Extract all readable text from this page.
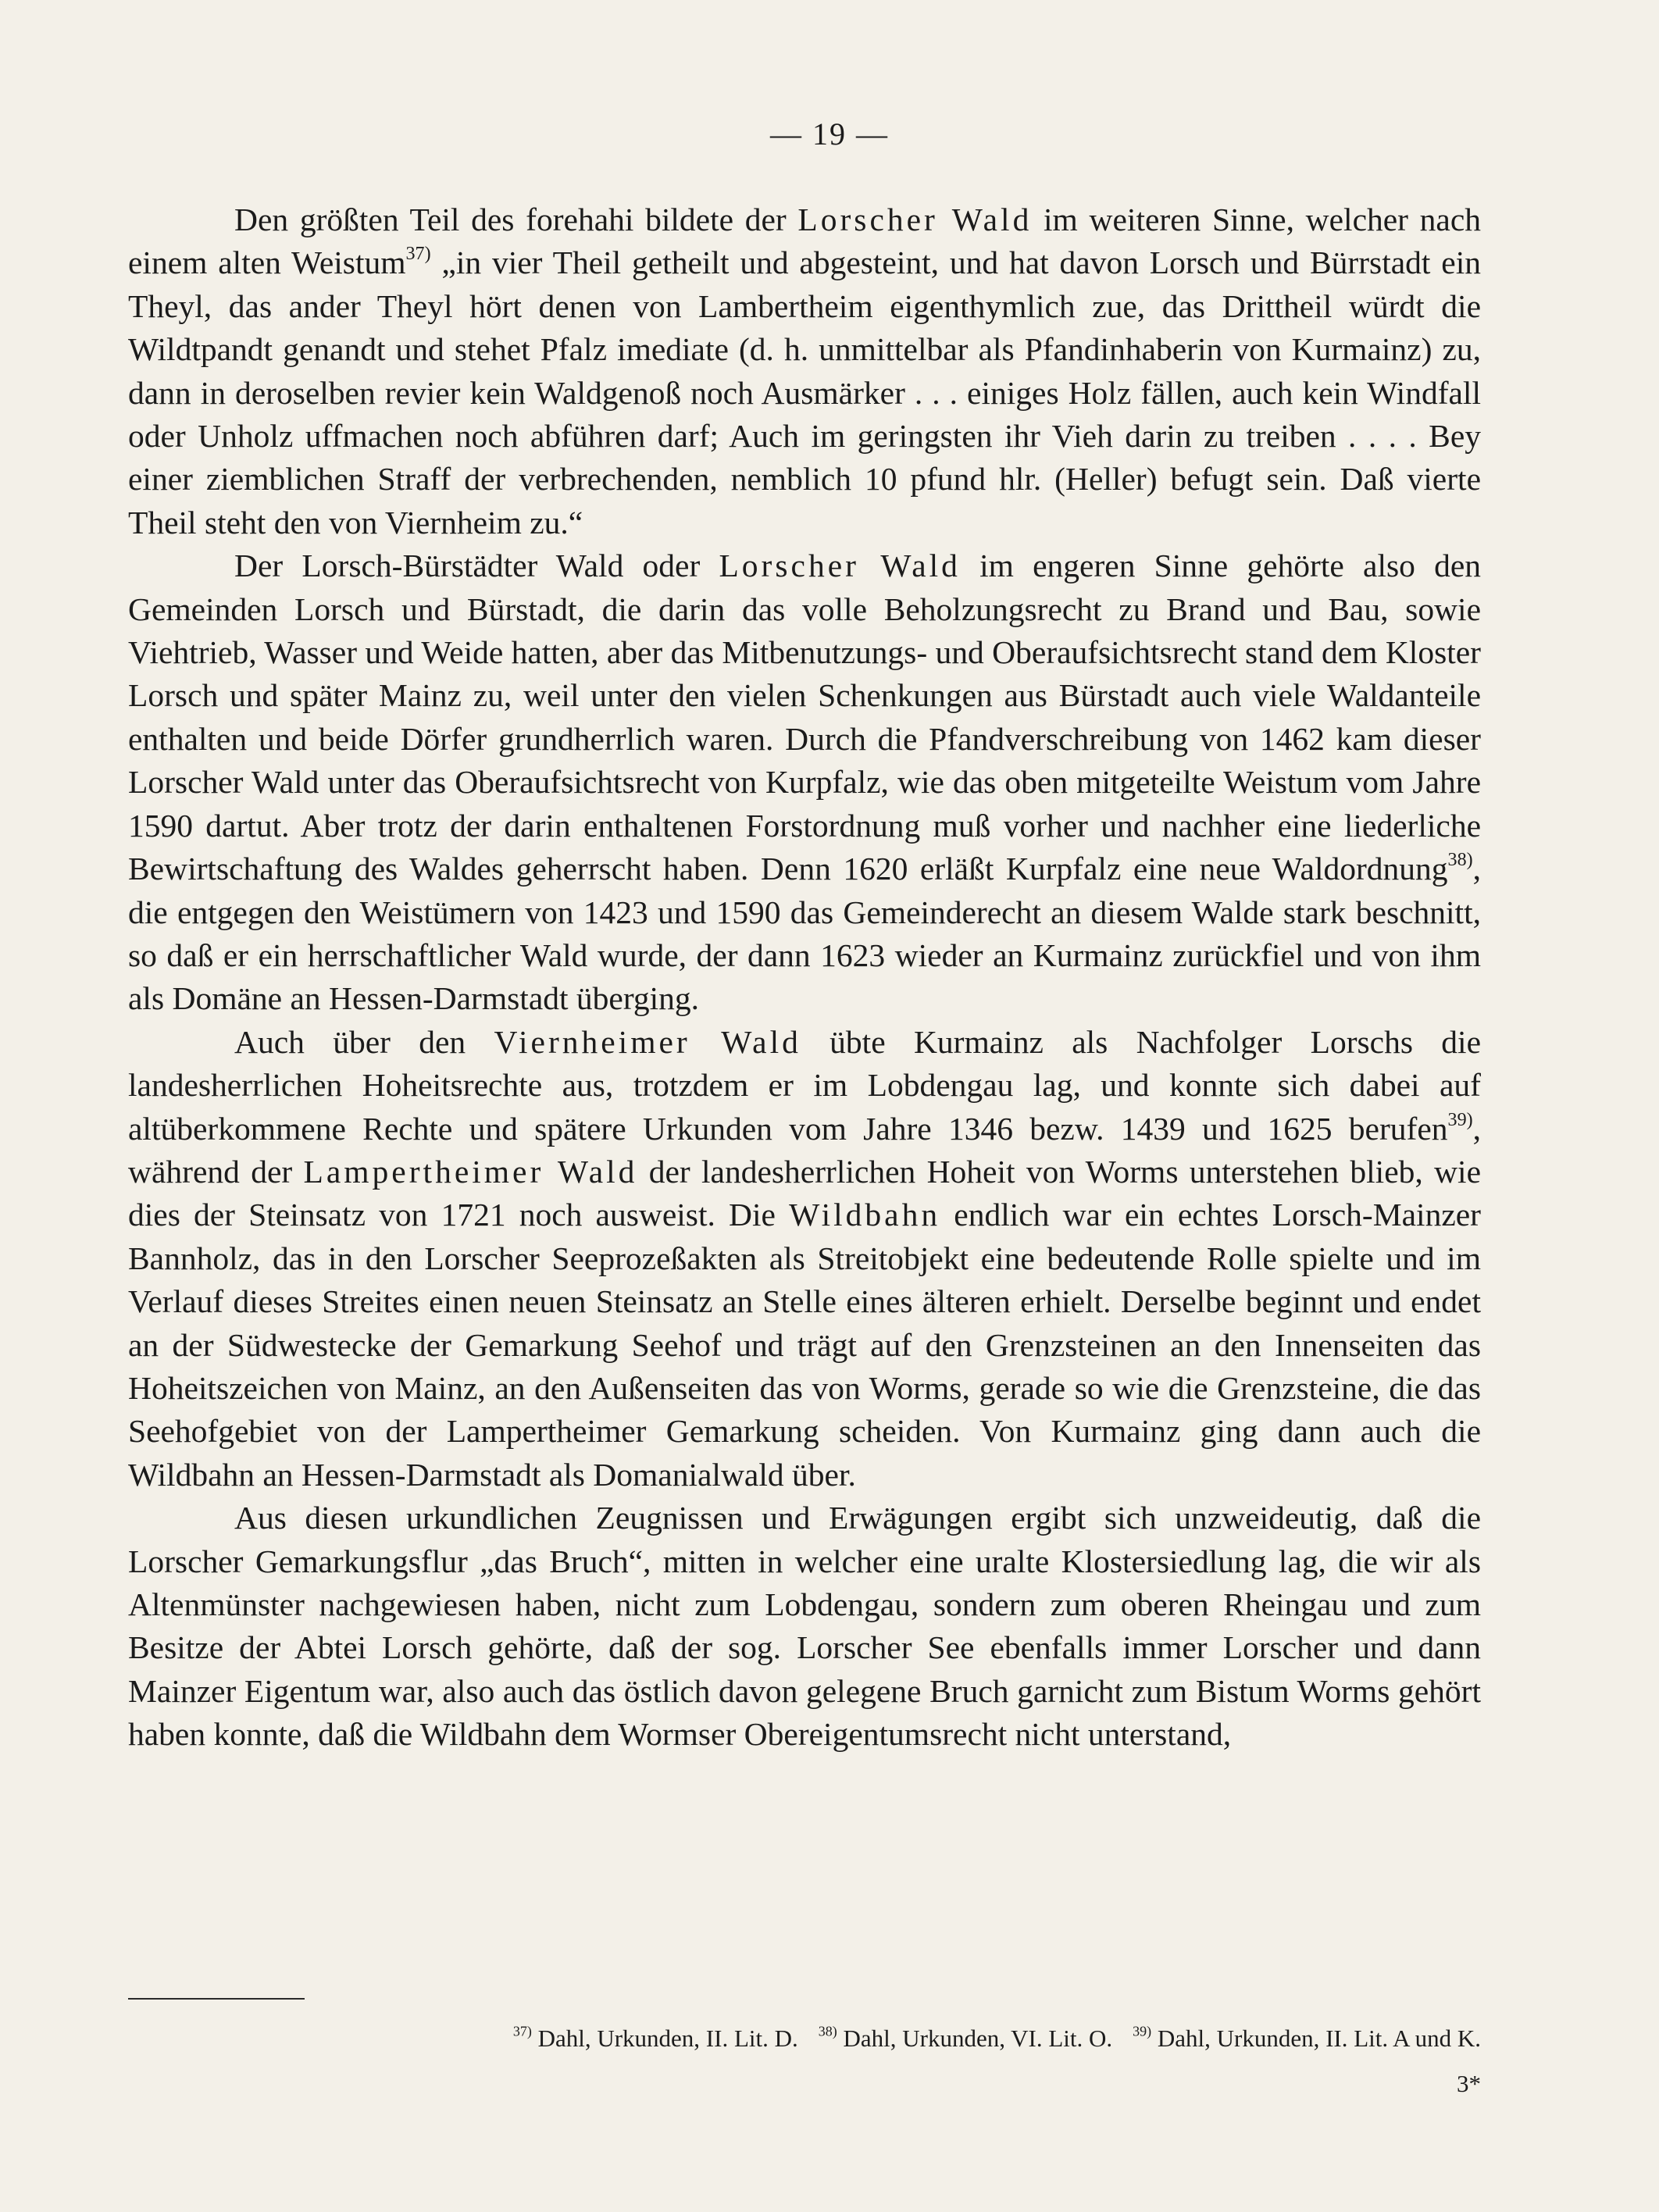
— 19 —

Den größten Teil des forehahi bildete der Lorscher Wald im weiteren Sinne, welcher nach einem alten Weistum$^{37)}$ „in vier Theil getheilt und abgesteint, und hat davon Lorsch und Bürrstadt ein Theyl, das ander Theyl hört denen von Lambertheim eigenthymlich zue, das Drittheil würdt die Wildtpandt genandt und stehet Pfalz imediate (d. h. unmittelbar als Pfandinhaberin von Kurmainz) zu, dann in deroselben revier kein Waldgenoß noch Ausmärker . . . einiges Holz fällen, auch kein Windfall oder Unholz uffmachen noch abführen darf; Auch im geringsten ihr Vieh darin zu treiben . . . . Bey einer ziemblichen Straff der verbrechenden, nemblich 10 pfund hlr. (Heller) befugt sein. Daß vierte Theil steht den von Viernheim zu.“

Der Lorsch-Bürstädter Wald oder Lorscher Wald im engeren Sinne gehörte also den Gemeinden Lorsch und Bürstadt, die darin das volle Beholzungsrecht zu Brand und Bau, sowie Viehtrieb, Wasser und Weide hatten, aber das Mitbenutzungs- und Oberaufsichtsrecht stand dem Kloster Lorsch und später Mainz zu, weil unter den vielen Schenkungen aus Bürstadt auch viele Waldanteile enthalten und beide Dörfer grundherrlich waren. Durch die Pfandverschreibung von 1462 kam dieser Lorscher Wald unter das Oberaufsichtsrecht von Kurpfalz, wie das oben mitgeteilte Weistum vom Jahre 1590 dartut. Aber trotz der darin enthaltenen Forstordnung muß vorher und nachher eine liederliche Bewirtschaftung des Waldes geherrscht haben. Denn 1620 erläßt Kurpfalz eine neue Waldordnung$^{38)}$, die entgegen den Weistümern von 1423 und 1590 das Gemeinderecht an diesem Walde stark beschnitt, so daß er ein herrschaftlicher Wald wurde, der dann 1623 wieder an Kurmainz zurückfiel und von ihm als Domäne an Hessen-Darmstadt überging.

Auch über den Viernheimer Wald übte Kurmainz als Nachfolger Lorschs die landesherrlichen Hoheitsrechte aus, trotzdem er im Lobdengau lag, und konnte sich dabei auf altüberkommene Rechte und spätere Urkunden vom Jahre 1346 bezw. 1439 und 1625 berufen$^{39)}$, während der Lampertheimer Wald der landesherrlichen Hoheit von Worms unterstehen blieb, wie dies der Steinsatz von 1721 noch ausweist. Die Wildbahn endlich war ein echtes Lorsch-Mainzer Bannholz, das in den Lorscher Seeprozeßakten als Streitobjekt eine bedeutende Rolle spielte und im Verlauf dieses Streites einen neuen Steinsatz an Stelle eines älteren erhielt. Derselbe beginnt und endet an der Südwestecke der Gemarkung Seehof und trägt auf den Grenzsteinen an den Innenseiten das Hoheitszeichen von Mainz, an den Außenseiten das von Worms, gerade so wie die Grenzsteine, die das Seehofgebiet von der Lampertheimer Gemarkung scheiden. Von Kurmainz ging dann auch die Wildbahn an Hessen-Darmstadt als Domanialwald über.

Aus diesen urkundlichen Zeugnissen und Erwägungen ergibt sich unzweideutig, daß die Lorscher Gemarkungsflur „das Bruch“, mitten in welcher eine uralte Klostersiedlung lag, die wir als Altenmünster nachgewiesen haben, nicht zum Lobdengau, sondern zum oberen Rheingau und zum Besitze der Abtei Lorsch gehörte, daß der sog. Lorscher See ebenfalls immer Lorscher und dann Mainzer Eigentum war, also auch das östlich davon gelegene Bruch garnicht zum Bistum Worms gehört haben konnte, daß die Wildbahn dem Wormser Obereigentumsrecht nicht unterstand,

$^{37)}$ Dahl, Urkunden, II. Lit. D. $^{38)}$ Dahl, Urkunden, VI. Lit. O. $^{39)}$ Dahl, Urkunden, II. Lit. A und K.
3*
